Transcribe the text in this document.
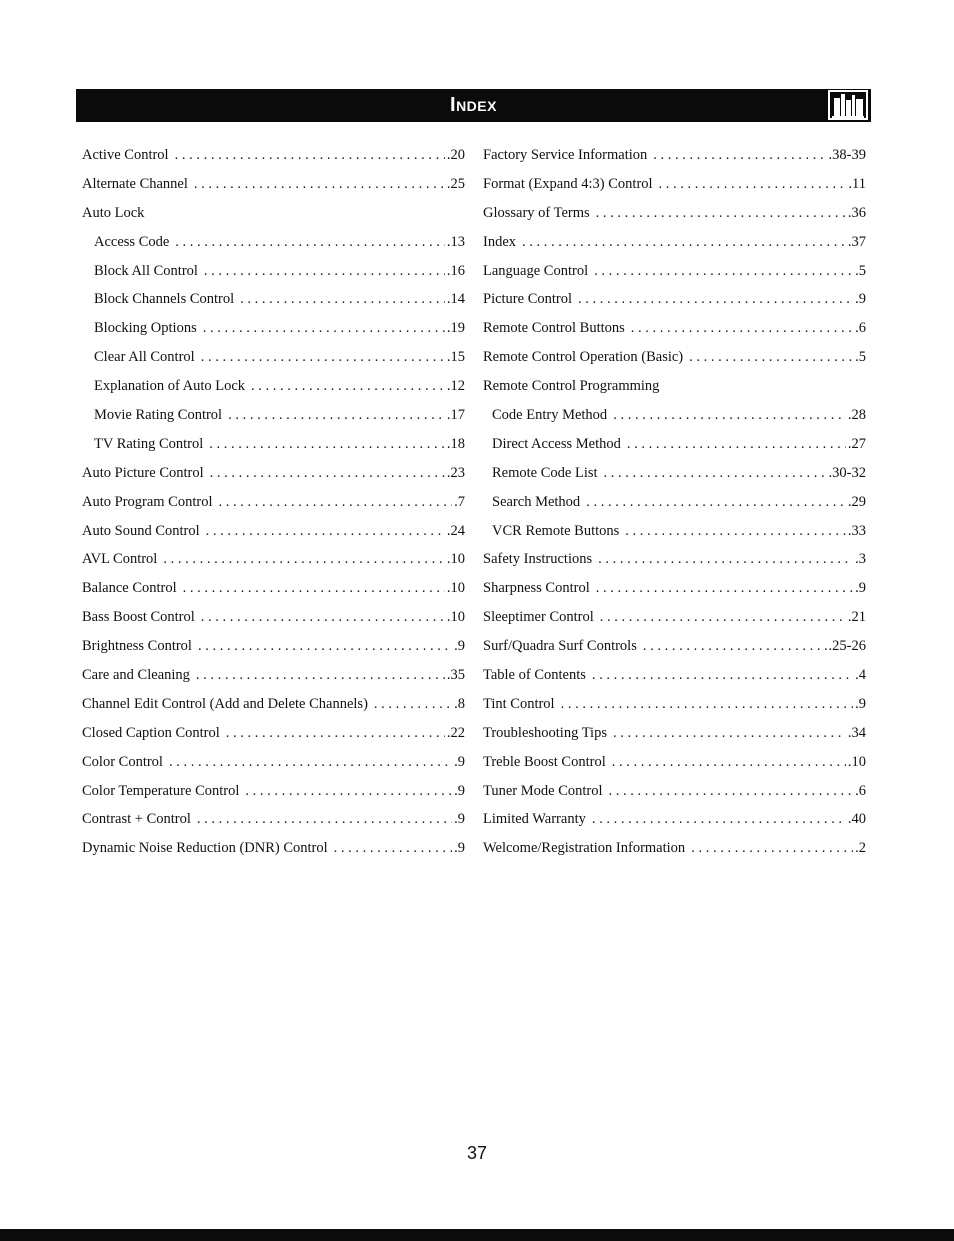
Index
Active Control . . .	.20
Alternate Channel . . .	.25
Auto Lock
Access Code . . .	.13
Block All Control . . .	.16
Block Channels Control . . .	.14
Blocking Options . . .	.19
Clear All Control . . .	.15
Explanation of Auto Lock . . .	.12
Movie Rating Control . . .	.17
TV Rating Control . . .	.18
Auto Picture Control . . .	.23
Auto Program Control . . .	.7
Auto Sound Control . . .	.24
AVL Control . . .	.10
Balance Control . . .	.10
Bass Boost Control . . .	.10
Brightness Control . . .	.9
Care and Cleaning . . .	.35
Channel Edit Control (Add and Delete Channels) . . .	.8
Closed Caption Control . . .	.22
Color Control . . .	.9
Color Temperature Control . . .	.9
Contrast + Control . . .	.9
Dynamic Noise Reduction (DNR) Control . . .	.9
Factory Service Information . . .	.38-39
Format (Expand 4:3) Control . . .	.11
Glossary of Terms . . .	.36
Index . . .	.37
Language Control . . .	.5
Picture Control . . .	.9
Remote Control Buttons . . .	.6
Remote Control Operation (Basic) . . .	.5
Remote Control Programming
Code Entry Method . . .	.28
Direct Access Method . . .	.27
Remote Code List . . .	.30-32
Search Method . . .	.29
VCR Remote Buttons . . .	.33
Safety Instructions . . .	.3
Sharpness Control . . .	.9
Sleeptimer Control . . .	.21
Surf/Quadra Surf Controls . . .	.25-26
Table of Contents . . .	.4
Tint Control . . .	.9
Troubleshooting Tips . . .	.34
Treble Boost Control . . .	.10
Tuner Mode Control . . .	.6
Limited Warranty . . .	.40
Welcome/Registration Information . . .	.2
37
